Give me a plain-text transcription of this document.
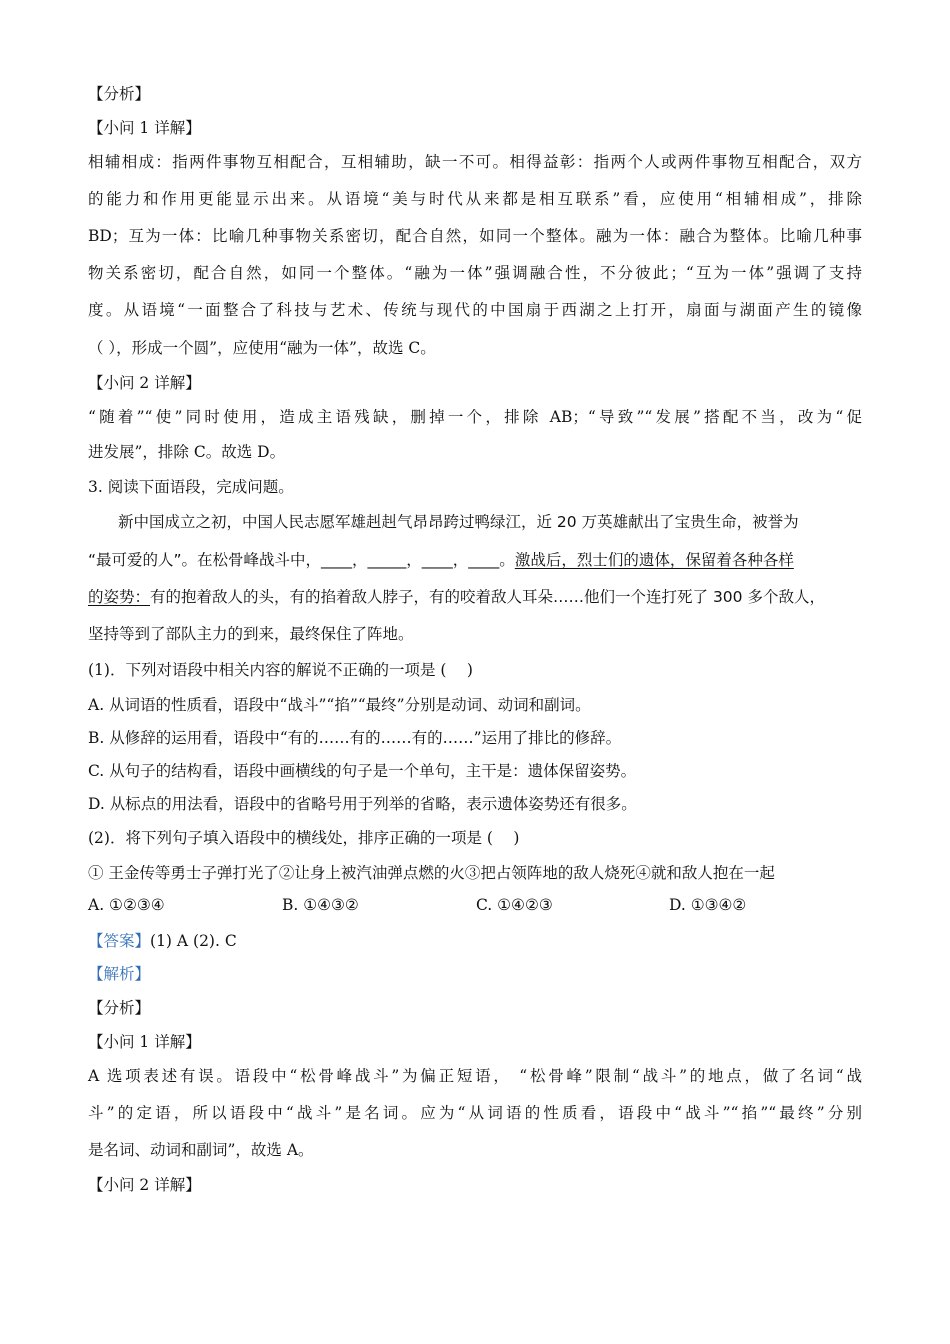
【分析】
【小问 1 详解】
相辅相成：指两件事物互相配合，互相辅助，缺一不可。相得益彰：指两个人或两件事物互相配合，双方
的能力和作用更能显示出来。从语境“美与时代从来都是相互联系”看，应使用“相辅相成”，排除
BD；互为一体：比喻几种事物关系密切，配合自然，如同一个整体。融为一体：融合为整体。比喻几种事
物关系密切，配合自然，如同一个整体。“融为一体”强调融合性，不分彼此；“互为一体”强调了支持
度。从语境“一面整合了科技与艺术、传统与现代的中国扇于西湖之上打开，扇面与湖面产生的镜像
（ ），形成一个圆”，应使用“融为一体”，故选 C。
【小问 2 详解】
“随着”“使”同时使用，造成主语残缺，删掉一个，排除 AB；“导致”“发展”搭配不当，改为“促
进发展”，排除 C。故选 D。
3. 阅读下面语段，完成问题。
新中国成立之初，中国人民志愿军雄赳赳气昂昂跨过鸭绿江，近 20 万英雄献出了宝贵生命，被誉为
“最可爱的人”。在松骨峰战斗中，____，_____，____，____。激战后，烈士们的遗体，保留着各种各样
的姿势：有的抱着敌人的头，有的掐着敌人脖子，有的咬着敌人耳朵……他们一个连打死了 300 多个敌人，
坚持等到了部队主力的到来，最终保住了阵地。
(1)．下列对语段中相关内容的解说不正确的一项是 (　 )
A. 从词语的性质看，语段中“战斗”“掐”“最终”分别是动词、动词和副词。
B. 从修辞的运用看，语段中“有的……有的……有的……”运用了排比的修辞。
C. 从句子的结构看，语段中画横线的句子是一个单句，主干是：遗体保留姿势。
D. 从标点的用法看，语段中的省略号用于列举的省略，表示遗体姿势还有很多。
(2)．将下列句子填入语段中的横线处，排序正确的一项是 (　 )
① 王金传等勇士子弹打光了②让身上被汽油弹点燃的火③把占领阵地的敌人烧死④就和敌人抱在一起
A. ①②③④	B. ①④③②	C. ①④②③	D. ①③④②
【答案】(1) A (2). C
【解析】
【分析】
【小问 1 详解】
A 选项表述有误。语段中“松骨峰战斗”为偏正短语， “松骨峰”限制“战斗”的地点，做了名词“战
斗”的定语，所以语段中“战斗”是名词。应为“从词语的性质看，语段中“战斗”“掐”“最终”分别
是名词、动词和副词”，故选 A。
【小问 2 详解】
